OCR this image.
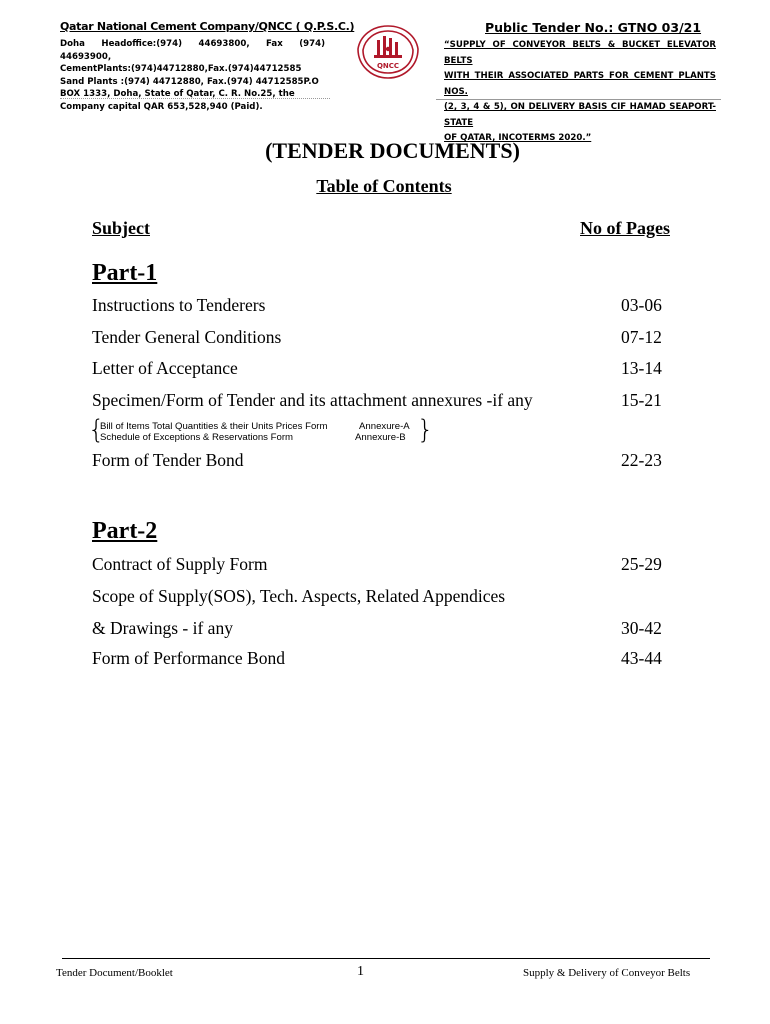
Qatar National Cement Company/QNCC ( Q.P.S.C.)
Doha Headoffice:(974) 44693800, Fax (974) 44693900,
CementPlants:(974)44712880,Fax.(974)44712585
Sand Plants :(974) 44712880, Fax.(974) 44712585P.O
BOX 1333, Doha, State of Qatar, C. R. No.25, the
Company capital QAR 653,528,940 (Paid).
QNCC
Public Tender No.: GTNO 03/21
“SUPPLY OF CONVEYOR BELTS & BUCKET ELEVATOR BELTS
WITH THEIR ASSOCIATED PARTS FOR CEMENT PLANTS NOS.
(2, 3, 4 & 5), ON DELIVERY BASIS CIF HAMAD SEAPORT- STATE
OF QATAR, INCOTERMS 2020.”
(TENDER DOCUMENTS)
Table of Contents
Subject	No of Pages
Part-1
Instructions to Tenderers	03-06
Tender General Conditions	07-12
Letter of Acceptance	13-14
Specimen/Form of Tender and its attachment annexures -if any	15-21
{
Bill of Items Total Quantities & their Units Prices Form	Annexure-A
Schedule of Exceptions & Reservations Form	Annexure-B }
Form of Tender Bond	22-23
Part-2
Contract of Supply Form	25-29
Scope of Supply(SOS), Tech. Aspects, Related Appendices
& Drawings - if any	30-42
Form of Performance Bond	43-44
Tender Document/Booklet	1	Supply & Delivery of Conveyor Belts
